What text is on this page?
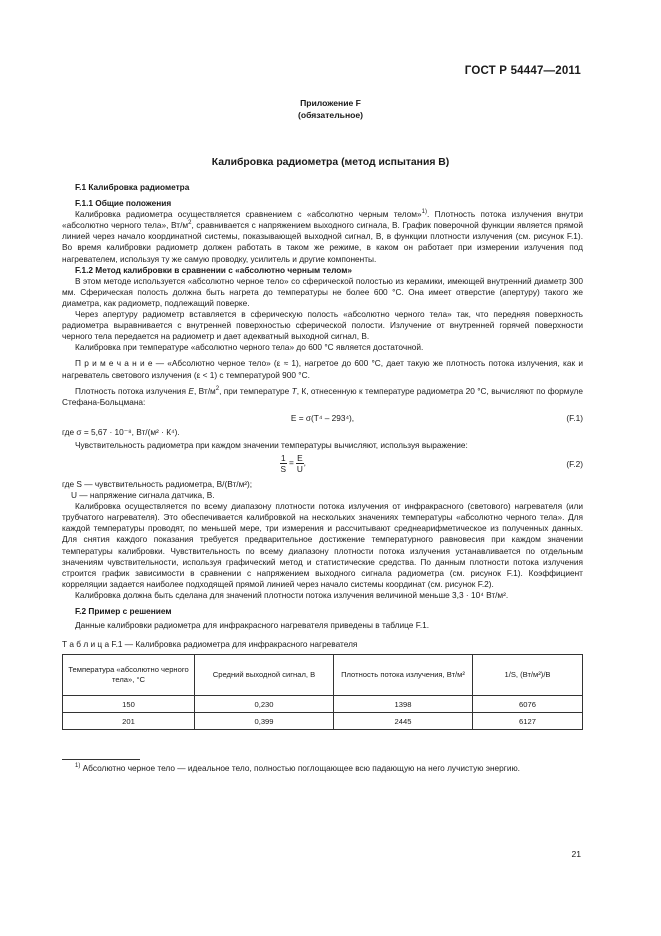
ГОСТ Р 54447—2011
Приложение F
(обязательное)
Калибровка радиометра (метод испытания В)
F.1 Калибровка радиометра
F.1.1 Общие положения

Калибровка радиометра осуществляется сравнением с «абсолютно черным телом»$^{1)}$. Плотность потока излучения внутри «абсолютно черного тела», $Вт/м^2$, сравнивается с напряжением выходного сигнала, В. График поверочной функции является прямой линией через начало координатной системы, показывающей выходной сигнал, В, в функции плотности излучения (см. рисунок F.1). Во время калибровки радиометр должен работать в таком же режиме, в каком он работает при измерении излучения под нагревателем, используя ту же самую проводку, усилитель и другие компоненты.

F.1.2 Метод калибровки в сравнении с «абсолютно черным телом»

В этом методе используется «абсолютно черное тело» со сферической полостью из керамики, имеющей внутренний диаметр 300 мм. Сферическая полость должна быть нагрета до температуры не более 600 °С. Она имеет отверстие (апертуру) такого же диаметра, как радиометр, подлежащий поверке.

Через апертуру радиометр вставляется в сферическую полость «абсолютно черного тела» так, что передняя поверхность радиометра выравнивается с внутренней поверхностью сферической полости. Излучение от внутренней горячей поверхности черного тела передается на радиометр и дает адекватный выходной сигнал, В.

Калибровка при температуре «абсолютно черного тела» до 600 °С является достаточной.

П р и м е ч а н и е — «Абсолютно черное тело» (ε ≈ 1), нагретое до 600 °С, дает такую же плотность потока излучения, как и нагреватель светового излучения (ε < 1) с температурой 900 °С.

Плотность потока излучения E, $Вт/м^2$, при температуре T, К, отнесенную к температуре радиометра 20 °С, вычисляют по формуле Стефана-Больцмана:

E = σ(T⁴ – 293⁴),	(F.1)
где σ = 5,67 · 10⁻⁸, Вт/(м² · К⁴).

Чувствительность радиометра при каждом значении температуры вычисляют, используя выражение:

$\frac{1}{S} = \frac{E}{U}$ ,	(F.2)
где S — чувствительность радиометра, В/(Вт/м²);
U — напряжение сигнала датчика, В.

Калибровка осуществляется по всему диапазону плотности потока излучения от инфракрасного (светового) нагревателя (или трубчатого нагревателя). Это обеспечивается калибровкой на нескольких значениях температуры «абсолютно черного тела». Для каждой температуры проводят, по меньшей мере, три измерения и рассчитывают среднеарифметическое из полученных данных. Для снятия каждого показания требуется предварительное достижение температурного равновесия при каждом значении температуры калибровки. Чувствительность по всему диапазону плотности потока излучения устанавливается по отдельным значениям чувствительности, используя графический метод и статистические средства. По данным плотности потока излучения строится график зависимости в сравнении с напряжением выходного сигнала радиометра (см. рисунок F.1). Коэффициент корреляции задается наиболее подходящей прямой линией через начало системы координат (см. рисунок F.2).

Калибровка должна быть сделана для значений плотности потока излучения величиной меньше 3,3 · 10⁴ Вт/м².

F.2 Пример с решением

Данные калибровки радиометра для инфракрасного нагревателя приведены в таблице F.1.

Т а б л и ц а F.1 — Калибровка радиометра для инфракрасного нагревателя
Температура «абсолютно черного тела», °С	Средний выходной сигнал, В	Плотность потока излучения, Вт/м²	1/S, (Вт/м²)/В
150	0,230	1398	6076
201	0,399	2445	6127

$^{1)}$ Абсолютно черное тело — идеальное тело, полностью поглощающее всю падающую на него лучистую энергию.

21
